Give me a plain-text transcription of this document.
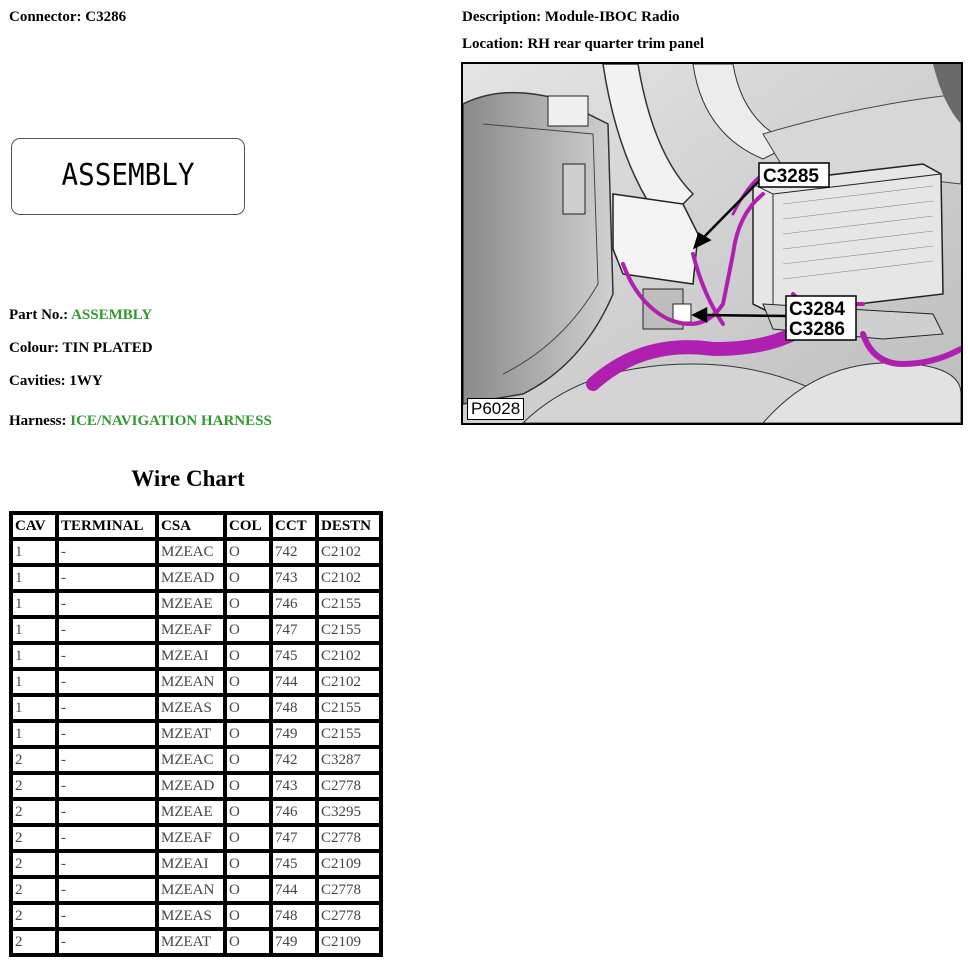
Connector: C3286	Description: Module-IBOC Radio
Location: RH rear quarter trim panel
ASSEMBLY
Part No.: ASSEMBLY
Colour: TIN PLATED
Cavities: 1WY
Harness: ICE/NAVIGATION HARNESS
C3285
C3284
C3286
P6028
Wire Chart
CAV	TERMINAL	CSA	COL	CCT	DESTN
1	-	MZEAC	O	742	C2102
1	-	MZEAD	O	743	C2102
1	-	MZEAE	O	746	C2155
1	-	MZEAF	O	747	C2155
1	-	MZEAI	O	745	C2102
1	-	MZEAN	O	744	C2102
1	-	MZEAS	O	748	C2155
1	-	MZEAT	O	749	C2155
2	-	MZEAC	O	742	C3287
2	-	MZEAD	O	743	C2778
2	-	MZEAE	O	746	C3295
2	-	MZEAF	O	747	C2778
2	-	MZEAI	O	745	C2109
2	-	MZEAN	O	744	C2778
2	-	MZEAS	O	748	C2778
2	-	MZEAT	O	749	C2109
